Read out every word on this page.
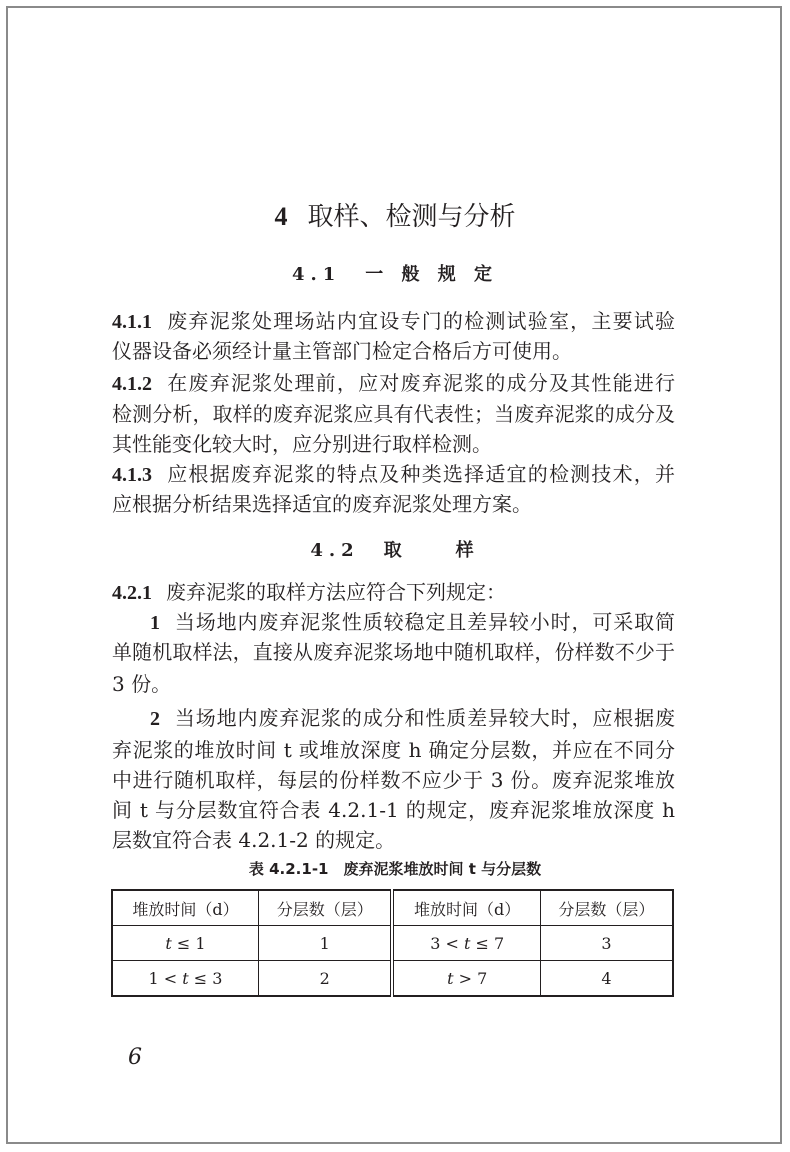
4 取样、检测与分析
4.1　一 般 规 定
4.1.1 废弃泥浆处理场站内宜设专门的检测试验室，主要试验
仪器设备必须经计量主管部门检定合格后方可使用。
4.1.2 在废弃泥浆处理前，应对废弃泥浆的成分及其性能进行
检测分析，取样的废弃泥浆应具有代表性；当废弃泥浆的成分及
其性能变化较大时，应分别进行取样检测。
4.1.3 应根据废弃泥浆的特点及种类选择适宜的检测技术，并
应根据分析结果选择适宜的废弃泥浆处理方案。
4.2　取　　样
4.2.1 废弃泥浆的取样方法应符合下列规定：
1 当场地内废弃泥浆性质较稳定且差异较小时，可采取简
单随机取样法，直接从废弃泥浆场地中随机取样，份样数不少于
3 份。
2 当场地内废弃泥浆的成分和性质差异较大时，应根据废
弃泥浆的堆放时间 t 或堆放深度 h 确定分层数，并应在不同分
中进行随机取样，每层的份样数不应少于 3 份。废弃泥浆堆放
间 t 与分层数宜符合表 4.2.1-1 的规定，废弃泥浆堆放深度 h
层数宜符合表 4.2.1-2 的规定。
表 4.2.1-1　废弃泥浆堆放时间 t 与分层数
堆放时间（d）	分层数（层）	堆放时间（d）	分层数（层）
t ≤ 1	1	3 < t ≤ 7	3
1 < t ≤ 3	2	t > 7	4
6
